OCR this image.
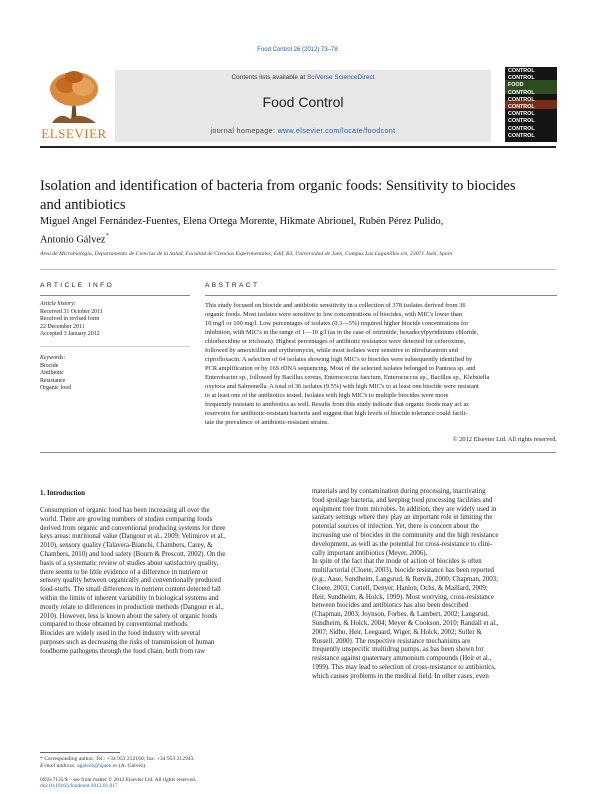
Food Control 26 (2012) 73–78
ELSEVIER
Contents lists available at SciVerse ScienceDirect
Food Control
journal homepage: www.elsevier.com/locate/foodcont
CONTROL
CONTROL
FOOD
CONTROL
CONTROL
CONTROL
CONTROL
CONTROL
CONTROL
CONTROL
Isolation and identification of bacteria from organic foods: Sensitivity to biocides
and antibiotics
Miguel Angel Fernández-Fuentes, Elena Ortega Morente, Hikmate Abriouel, Rubén Pérez Pulido,
Antonio Gálvez*
Área de Microbiología, Departamento de Ciencias de la Salud, Facultad de Ciencias Experimentales, Edif. B3, Universidad de Jaén, Campus Las Lagunillas s/n, 23071 Jaén, Spain
ARTICLE INFO	ABSTRACT
Article history:
Received 31 October 2011
Received in revised form
22 December 2011
Accepted 3 January 2012
Keywords:
Biocide
Antibiotic
Resistance
Organic food
This study focused on biocide and antibiotic sensitivity in a collection of 378 isolates derived from 36
organic foods. Most isolates were sensitive to low concentrations of biocides, with MIC's lower than
10 mg/l or 100 mg/l. Low percentages of isolates (0.3—5%) required higher biocide concentrations for
inhibition, with MIC's in the range of 1—10 g/l (as in the case of cetrimide, hexadecylpyridinium chloride,
chlorhexidine or triclosan). Highest percentages of antibiotic resistance were detected for cefuroxime,
followed by amoxicillin and erythromycin, while most isolates were sensitive to nitrofurantoin and
ciprofloxacin. A selection of 64 isolates showing high MIC's to biocides were subsequently identified by
PCR amplification or by 16S rDNA sequencing. Most of the selected isolates belonged to Pantoea sp. and
Enterobacter sp., followed by Bacillus cereus, Enterococcus faecium, Enterococcus sp., Bacillus sp., Klebsiella
oxytoca and Salmonella. A total of 36 isolates (9.5%) with high MIC's to at least one biocide were resistant
to at least one of the antibiotics tested. Isolates with high MIC's to multiple biocides were more
frequently resistant to antibiotics as well. Results from this study indicate that organic foods may act as
reservoirs for antibiotic-resistant bacteria and suggest that high levels of biocide tolerance could facili-
tate the prevalence of antibiotic-resistant strains.
© 2012 Elsevier Ltd. All rights reserved.
1. Introduction
Consumption of organic food has been increasing all over the
world. There are growing numbers of studies comparing foods
derived from organic and conventional producing systems for three
keys areas: nutritional value (Dangour et al., 2009; Velimirov et al.,
2010), sensory quality (Talavera-Bianchi, Chambers, Carey, &
Chambers, 2010) and food safety (Bourn & Prescott, 2002). On the
basis of a systematic review of studies about satisfactory quality,
there seems to be little evidence of a difference in nutrient or
sensory quality between organically and conventionally produced
food-stuffs. The small differences in nutrient content detected fall
within the limits of inherent variability in biological systems and
mostly relate to differences in production methods (Dangour et al.,
2010). However, less is known about the safety of organic foods
compared to those obtained by conventional methods.
Biocides are widely used in the food industry with several
purposes such as decreasing the risks of transmission of human
foodborne pathogens through the food chain, both from raw
materials and by contamination during processing, inactivating
food spoilage bacteria, and keeping food processing facilities and
equipment free from microbes. In addition, they are widely used in
sanitary settings where they play an important role in limiting the
potential sources of infection. Yet, there is concern about the
increasing use of biocides in the community and the high resistance
development, as well as the potential for cross-resistance to clini-
cally important antibiotics (Meyer, 2006).
In spite of the fact that the mode of action of biocides is often
multifactorial (Cloete, 2003), biocide resistance has been reported
(e.g., Aase, Sundheim, Langsrud, & Rørvik, 2000; Chapman, 2003;
Cloete, 2003; Cottell, Denyer, Hanlon, Ochs, & Maillard, 2009;
Heir, Sundheim, & Holck, 1999). Most worrying, cross-resistance
between biocides and antibiotics has also been described
(Chapman, 2003; Joynson, Forbes, & Lambert, 2002; Langsrud,
Sundheim, & Holck, 2004; Meyer & Cookson, 2010; Randall et al.,
2007; Sidhu, Heir, Leegaard, Wiger, & Holck, 2002; Suller &
Russell, 2000). The respective resistance mechanisms are
frequently unspecific multidrug pumps, as has been shown for
resistance against quaternary ammonium compounds (Heir et al.,
1999). This may lead to selection of cross-resistance to antibiotics,
which causes problems in the medical field. In other cases, even
* Corresponding author. Tel.: +34 953 212160; fax: +34 953 212943.
E-mail address: agalvez@ujaen.es (A. Gálvez).
0956-7135/$ – see front matter © 2012 Elsevier Ltd. All rights reserved.
doi:10.1016/j.foodcont.2012.01.017
